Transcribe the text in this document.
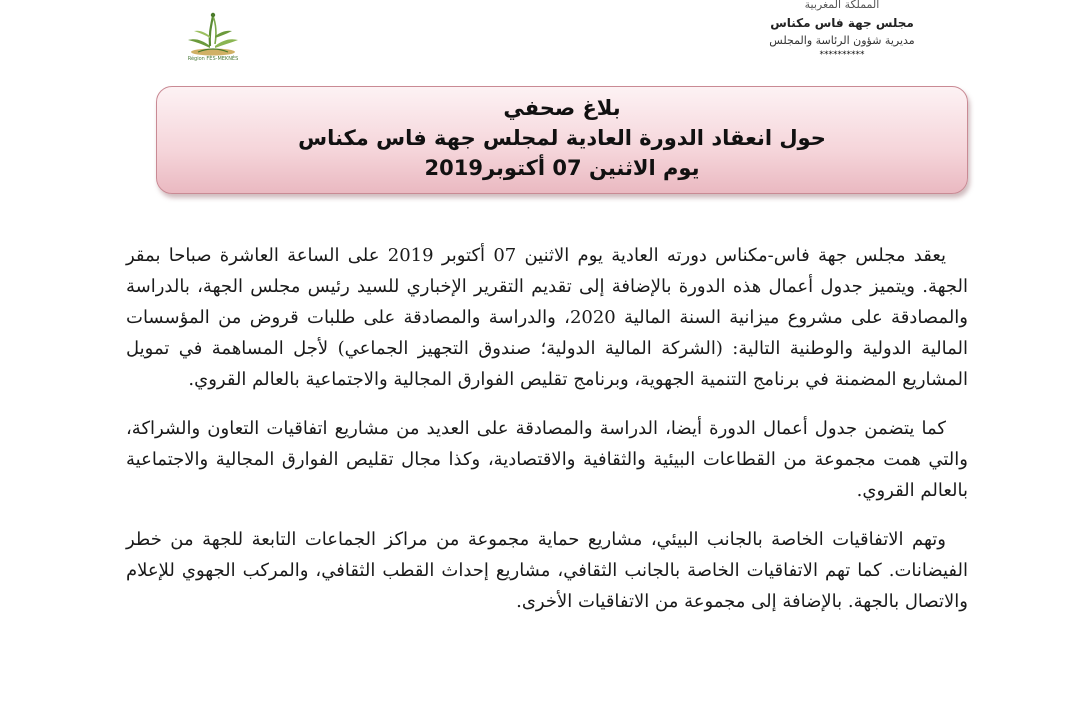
Région FÈS-MEKNÈS
المملكة المغربية
مجلس جهة فاس مكناس
مديرية شؤون الرئاسة والمجلس
**********
بلاغ صحفي
حول انعقاد الدورة العادية لمجلس جهة فاس مكناس
يوم الاثنين 07 أكتوبر2019

يعقد مجلس جهة فاس-مكناس دورته العادية يوم الاثنين 07 أكتوبر 2019 على الساعة العاشرة صباحا بمقر الجهة. ويتميز جدول أعمال هذه الدورة بالإضافة إلى تقديم التقرير الإخباري للسيد رئيس مجلس الجهة، بالدراسة والمصادقة على مشروع ميزانية السنة المالية 2020، والدراسة والمصادقة على طلبات قروض من المؤسسات المالية الدولية والوطنية التالية: (الشركة المالية الدولية؛ صندوق التجهيز الجماعي) لأجل المساهمة في تمويل المشاريع المضمنة في برنامج التنمية الجهوية، وبرنامج تقليص الفوارق المجالية والاجتماعية بالعالم القروي.

كما يتضمن جدول أعمال الدورة أيضا، الدراسة والمصادقة على العديد من مشاريع اتفاقيات التعاون والشراكة، والتي همت مجموعة من القطاعات البيئية والثقافية والاقتصادية، وكذا مجال تقليص الفوارق المجالية والاجتماعية بالعالم القروي.

وتهم الاتفاقيات الخاصة بالجانب البيئي، مشاريع حماية مجموعة من مراكز الجماعات التابعة للجهة من خطر الفيضانات. كما تهم الاتفاقيات الخاصة بالجانب الثقافي، مشاريع إحداث القطب الثقافي، والمركب الجهوي للإعلام والاتصال بالجهة. بالإضافة إلى مجموعة من الاتفاقيات الأخرى.
